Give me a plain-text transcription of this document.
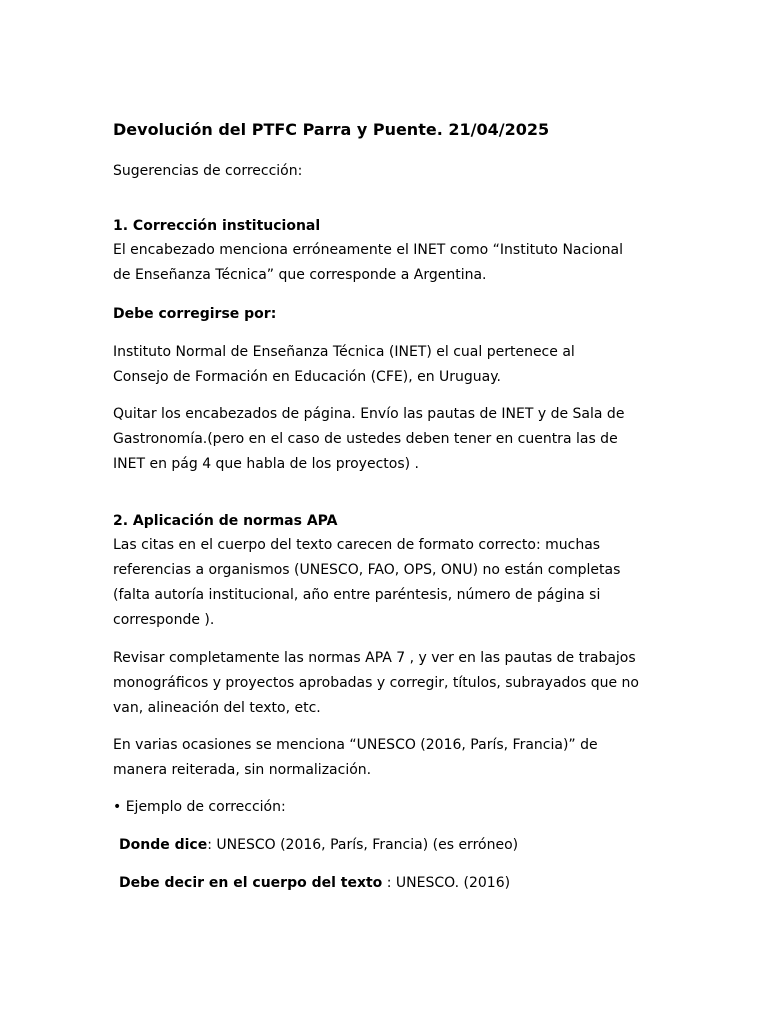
Devolución del PTFC Parra y Puente. 21/04/2025
Sugerencias de corrección:
1. Corrección institucional

El encabezado menciona erróneamente el INET como “Instituto Nacional de Enseñanza Técnica” que corresponde a Argentina.

Debe corregirse por:

Instituto Normal de Enseñanza Técnica (INET) el cual pertenece al Consejo de Formación en Educación (CFE), en Uruguay.

Quitar los encabezados de página. Envío las pautas de INET y de Sala de Gastronomía.(pero en el caso de ustedes deben tener en cuentra las de INET en pág 4 que habla de los proyectos) .

2. Aplicación de normas APA

Las citas en el cuerpo del texto carecen de formato correcto: muchas referencias a organismos (UNESCO, FAO, OPS, ONU) no están completas (falta autoría institucional, año entre paréntesis, número de página si corresponde ).

Revisar completamente las normas APA 7 , y ver en las pautas de trabajos monográficos y proyectos aprobadas y corregir, títulos, subrayados que no van, alineación del texto, etc.

En varias ocasiones se menciona “UNESCO (2016, París, Francia)” de manera reiterada, sin normalización.

• Ejemplo de corrección:
Donde dice: UNESCO (2016, París, Francia) (es erróneo)
Debe decir en el cuerpo del texto : UNESCO. (2016)
